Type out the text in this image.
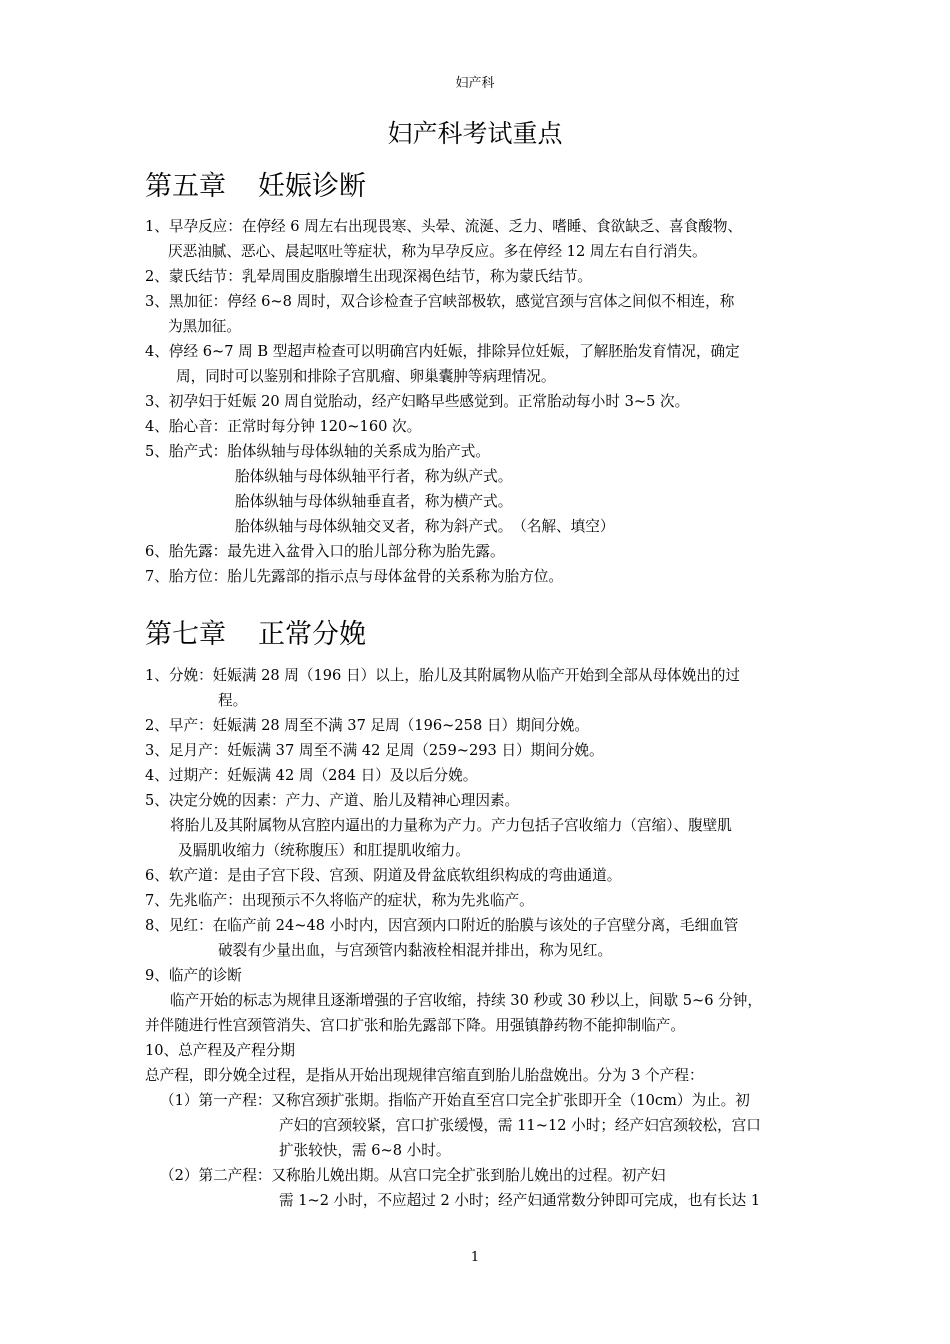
妇产科
妇产科考试重点
第五章 妊娠诊断
1、早孕反应：在停经 6 周左右出现畏寒、头晕、流涎、乏力、嗜睡、食欲缺乏、喜食酸物、
厌恶油腻、恶心、晨起呕吐等症状，称为早孕反应。多在停经 12 周左右自行消失。
2、蒙氏结节：乳晕周围皮脂腺增生出现深褐色结节，称为蒙氏结节。
3、黑加征：停经 6~8 周时，双合诊检查子宫峡部极软，感觉宫颈与宫体之间似不相连，称
为黑加征。
4、停经 6~7 周 B 型超声检查可以明确宫内妊娠，排除异位妊娠，了解胚胎发育情况，确定
周，同时可以鉴别和排除子宫肌瘤、卵巢囊肿等病理情况。
3、初孕妇于妊娠 20 周自觉胎动，经产妇略早些感觉到。正常胎动每小时 3~5 次。
4、胎心音：正常时每分钟 120~160 次。
5、胎产式：胎体纵轴与母体纵轴的关系成为胎产式。
胎体纵轴与母体纵轴平行者，称为纵产式。
胎体纵轴与母体纵轴垂直者，称为横产式。
胎体纵轴与母体纵轴交叉者，称为斜产式。　（名解、填空）
6、胎先露：最先进入盆骨入口的胎儿部分称为胎先露。
7、胎方位：胎儿先露部的指示点与母体盆骨的关系称为胎方位。
第七章 正常分娩
1、分娩：妊娠满 28 周（196 日）以上，胎儿及其附属物从临产开始到全部从母体娩出的过
程。
2、早产：妊娠满 28 周至不满 37 足周（196~258 日）期间分娩。
3、足月产：妊娠满 37 周至不满 42 足周（259~293 日）期间分娩。
4、过期产：妊娠满 42 周（284 日）及以后分娩。
5、决定分娩的因素：产力、产道、胎儿及精神心理因素。
将胎儿及其附属物从宫腔内逼出的力量称为产力。产力包括子宫收缩力（宫缩）、腹壁肌
及膈肌收缩力（统称腹压）和肛提肌收缩力。
6、软产道：是由子宫下段、宫颈、阴道及骨盆底软组织构成的弯曲通道。
7、先兆临产：出现预示不久将临产的症状，称为先兆临产。
8、见红：在临产前 24~48 小时内，因宫颈内口附近的胎膜与该处的子宫壁分离，毛细血管
破裂有少量出血，与宫颈管内黏液栓相混并排出，称为见红。
9、临产的诊断
临产开始的标志为规律且逐渐增强的子宫收缩，持续 30 秒或 30 秒以上，间歇 5~6 分钟，
并伴随进行性宫颈管消失、宫口扩张和胎先露部下降。用强镇静药物不能抑制临产。
10、总产程及产程分期
总产程，即分娩全过程，是指从开始出现规律宫缩直到胎儿胎盘娩出。分为 3 个产程：
（1）第一产程：又称宫颈扩张期。指临产开始直至宫口完全扩张即开全（10cm）为止。初
产妇的宫颈较紧，宫口扩张缓慢，需 11~12 小时；经产妇宫颈较松，宫口
扩张较快，需 6~8 小时。
（2）第二产程：又称胎儿娩出期。从宫口完全扩张到胎儿娩出的过程。初产妇
需 1~2 小时，不应超过 2 小时；经产妇通常数分钟即可完成，也有长达 1
1
